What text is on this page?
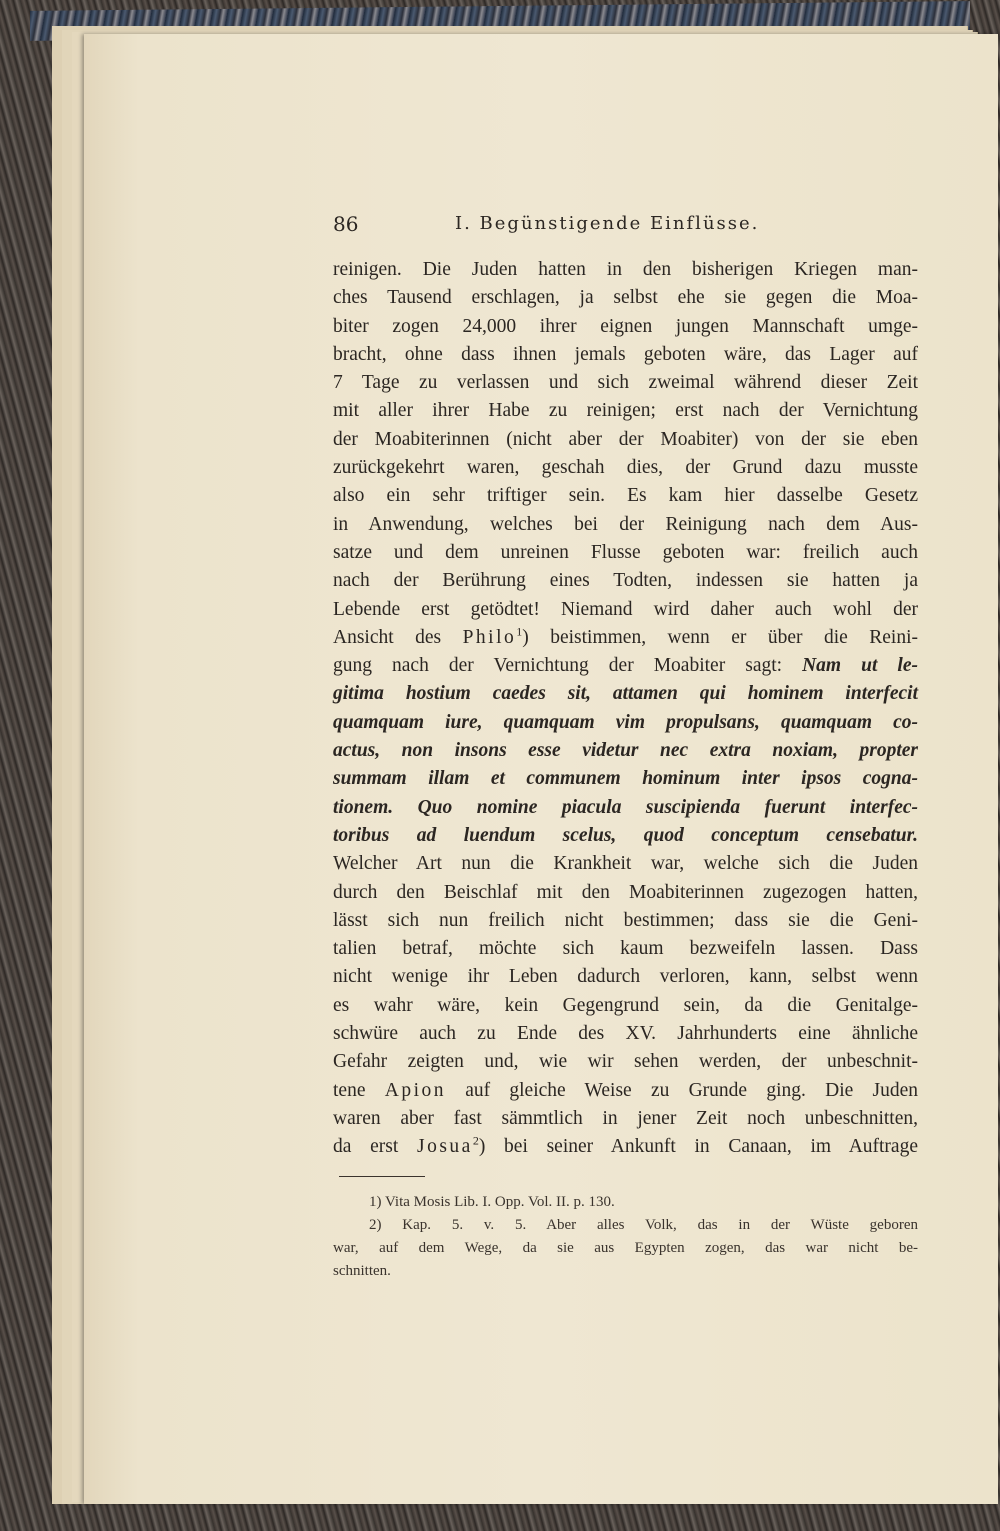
86	I. Begünstigende Einflüsse.
reinigen. Die Juden hatten in den bisherigen Kriegen man-
ches Tausend erschlagen, ja selbst ehe sie gegen die Moa-
biter zogen 24,000 ihrer eignen jungen Mannschaft umge-
bracht, ohne dass ihnen jemals geboten wäre, das Lager auf
7 Tage zu verlassen und sich zweimal während dieser Zeit
mit aller ihrer Habe zu reinigen; erst nach der Vernichtung
der Moabiterinnen (nicht aber der Moabiter) von der sie eben
zurückgekehrt waren, geschah dies, der Grund dazu musste
also ein sehr triftiger sein. Es kam hier dasselbe Gesetz
in Anwendung, welches bei der Reinigung nach dem Aus-
satze und dem unreinen Flusse geboten war: freilich auch
nach der Berührung eines Todten, indessen sie hatten ja
Lebende erst getödtet! Niemand wird daher auch wohl der
Ansicht des Philo$^1$) beistimmen, wenn er über die Reini-
gung nach der Vernichtung der Moabiter sagt: Nam ut le-
gitima hostium caedes sit, attamen qui hominem interfecit
quamquam iure, quamquam vim propulsans, quamquam co-
actus, non insons esse videtur nec extra noxiam, propter
summam illam et communem hominum inter ipsos cogna-
tionem. Quo nomine piacula suscipienda fuerunt interfec-
toribus ad luendum scelus, quod conceptum censebatur.
Welcher Art nun die Krankheit war, welche sich die Juden
durch den Beischlaf mit den Moabiterinnen zugezogen hatten,
lässt sich nun freilich nicht bestimmen; dass sie die Geni-
talien betraf, möchte sich kaum bezweifeln lassen. Dass
nicht wenige ihr Leben dadurch verloren, kann, selbst wenn
es wahr wäre, kein Gegengrund sein, da die Genitalge-
schwüre auch zu Ende des XV. Jahrhunderts eine ähnliche
Gefahr zeigten und, wie wir sehen werden, der unbeschnit-
tene Apion auf gleiche Weise zu Grunde ging. Die Juden
waren aber fast sämmtlich in jener Zeit noch unbeschnitten,
da erst Josua$^2$) bei seiner Ankunft in Canaan, im Auftrage
1) Vita Mosis Lib. I. Opp. Vol. II. p. 130.
2) Kap. 5. v. 5. Aber alles Volk, das in der Wüste geboren
war, auf dem Wege, da sie aus Egypten zogen, das war nicht be-
schnitten.
